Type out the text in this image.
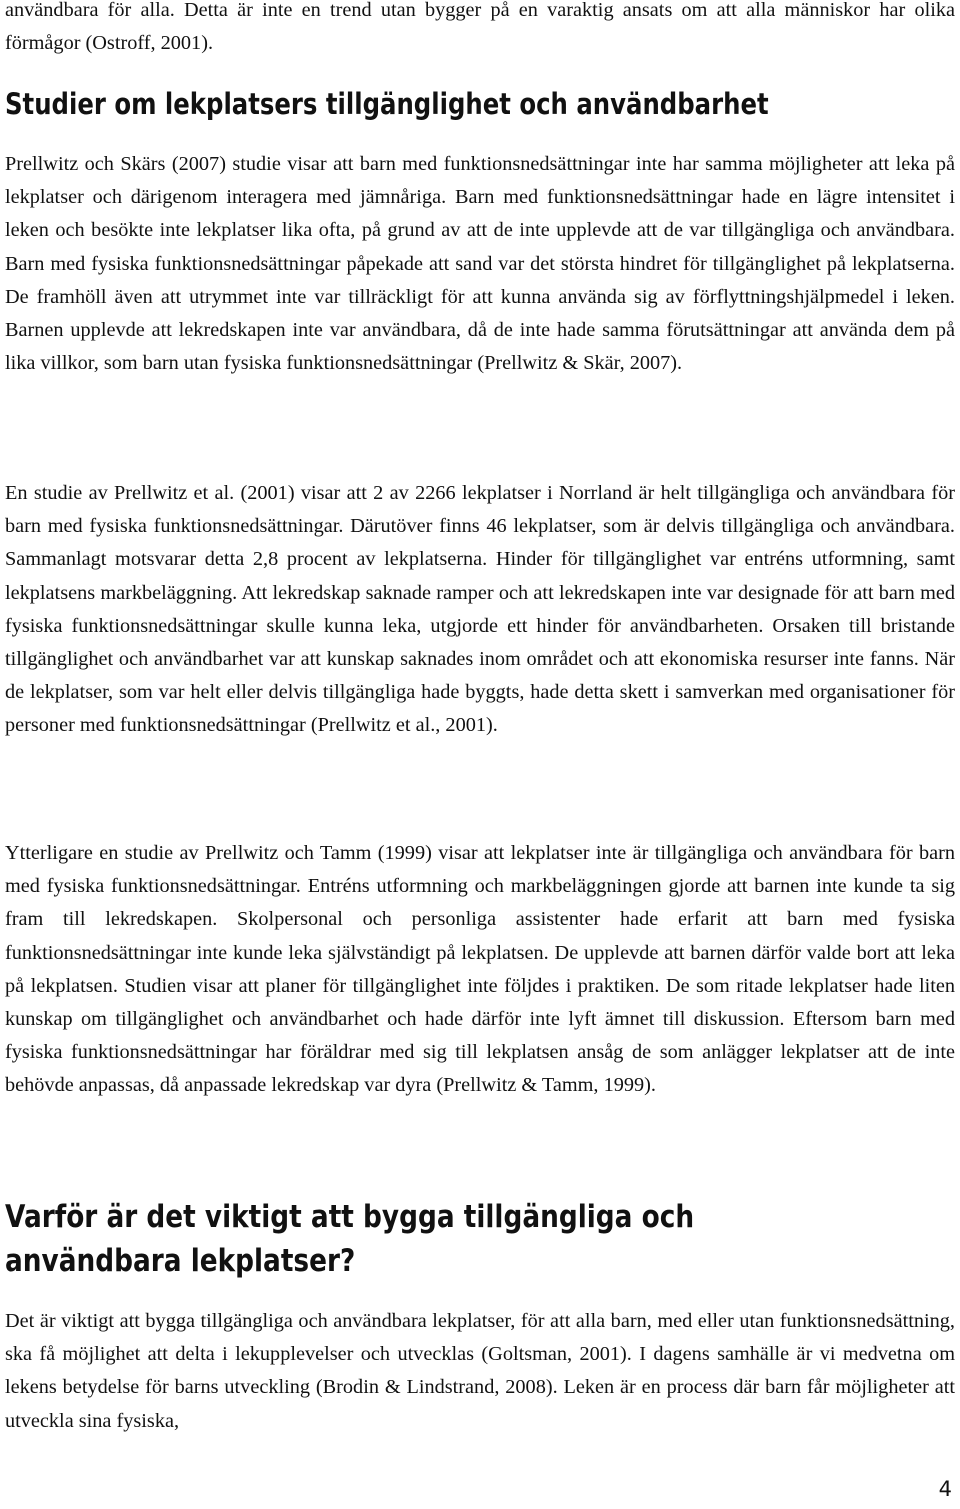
användbara för alla. Detta är inte en trend utan bygger på en varaktig ansats om att alla människor har olika förmågor (Ostroff, 2001).

Studier om lekplatsers tillgänglighet och användbarhet

Prellwitz och Skärs (2007) studie visar att barn med funktionsnedsättningar inte har samma möjligheter att leka på lekplatser och därigenom interagera med jämnåriga. Barn med funktionsnedsättningar hade en lägre intensitet i leken och besökte inte lekplatser lika ofta, på grund av att de inte upplevde att de var tillgängliga och användbara. Barn med fysiska funktionsnedsättningar påpekade att sand var det största hindret för tillgänglighet på lekplatserna. De framhöll även att utrymmet inte var tillräckligt för att kunna använda sig av förflyttningshjälpmedel i leken. Barnen upplevde att lekredskapen inte var användbara, då de inte hade samma förutsättningar att använda dem på lika villkor, som barn utan fysiska funktionsnedsättningar (Prellwitz & Skär, 2007).

En studie av Prellwitz et al. (2001) visar att 2 av 2266 lekplatser i Norrland är helt tillgängliga och användbara för barn med fysiska funktionsnedsättningar. Därutöver finns 46 lekplatser, som är delvis tillgängliga och användbara. Sammanlagt motsvarar detta 2,8 procent av lekplatserna. Hinder för tillgänglighet var entréns utformning, samt lekplatsens markbeläggning. Att lekredskap saknade ramper och att lekredskapen inte var designade för att barn med fysiska funktionsnedsättningar skulle kunna leka, utgjorde ett hinder för användbarheten. Orsaken till bristande tillgänglighet och användbarhet var att kunskap saknades inom området och att ekonomiska resurser inte fanns. När de lekplatser, som var helt eller delvis tillgängliga hade byggts, hade detta skett i samverkan med organisationer för personer med funktionsnedsättningar (Prellwitz et al., 2001).

Ytterligare en studie av Prellwitz och Tamm (1999) visar att lekplatser inte är tillgängliga och användbara för barn med fysiska funktionsnedsättningar. Entréns utformning och markbeläggningen gjorde att barnen inte kunde ta sig fram till lekredskapen. Skolpersonal och personliga assistenter hade erfarit att barn med fysiska funktionsnedsättningar inte kunde leka självständigt på lekplatsen. De upplevde att barnen därför valde bort att leka på lekplatsen. Studien visar att planer för tillgänglighet inte följdes i praktiken. De som ritade lekplatser hade liten kunskap om tillgänglighet och användbarhet och hade därför inte lyft ämnet till diskussion. Eftersom barn med fysiska funktionsnedsättningar har föräldrar med sig till lekplatsen ansåg de som anlägger lekplatser att de inte behövde anpassas, då anpassade lekredskap var dyra (Prellwitz & Tamm, 1999).

Varför är det viktigt att bygga tillgängliga och användbara lekplatser?

Det är viktigt att bygga tillgängliga och användbara lekplatser, för att alla barn, med eller utan funktionsnedsättning, ska få möjlighet att delta i lekupplevelser och utvecklas (Goltsman, 2001). I dagens samhälle är vi medvetna om lekens betydelse för barns utveckling (Brodin & Lindstrand, 2008). Leken är en process där barn får möjligheter att utveckla sina fysiska,

4
